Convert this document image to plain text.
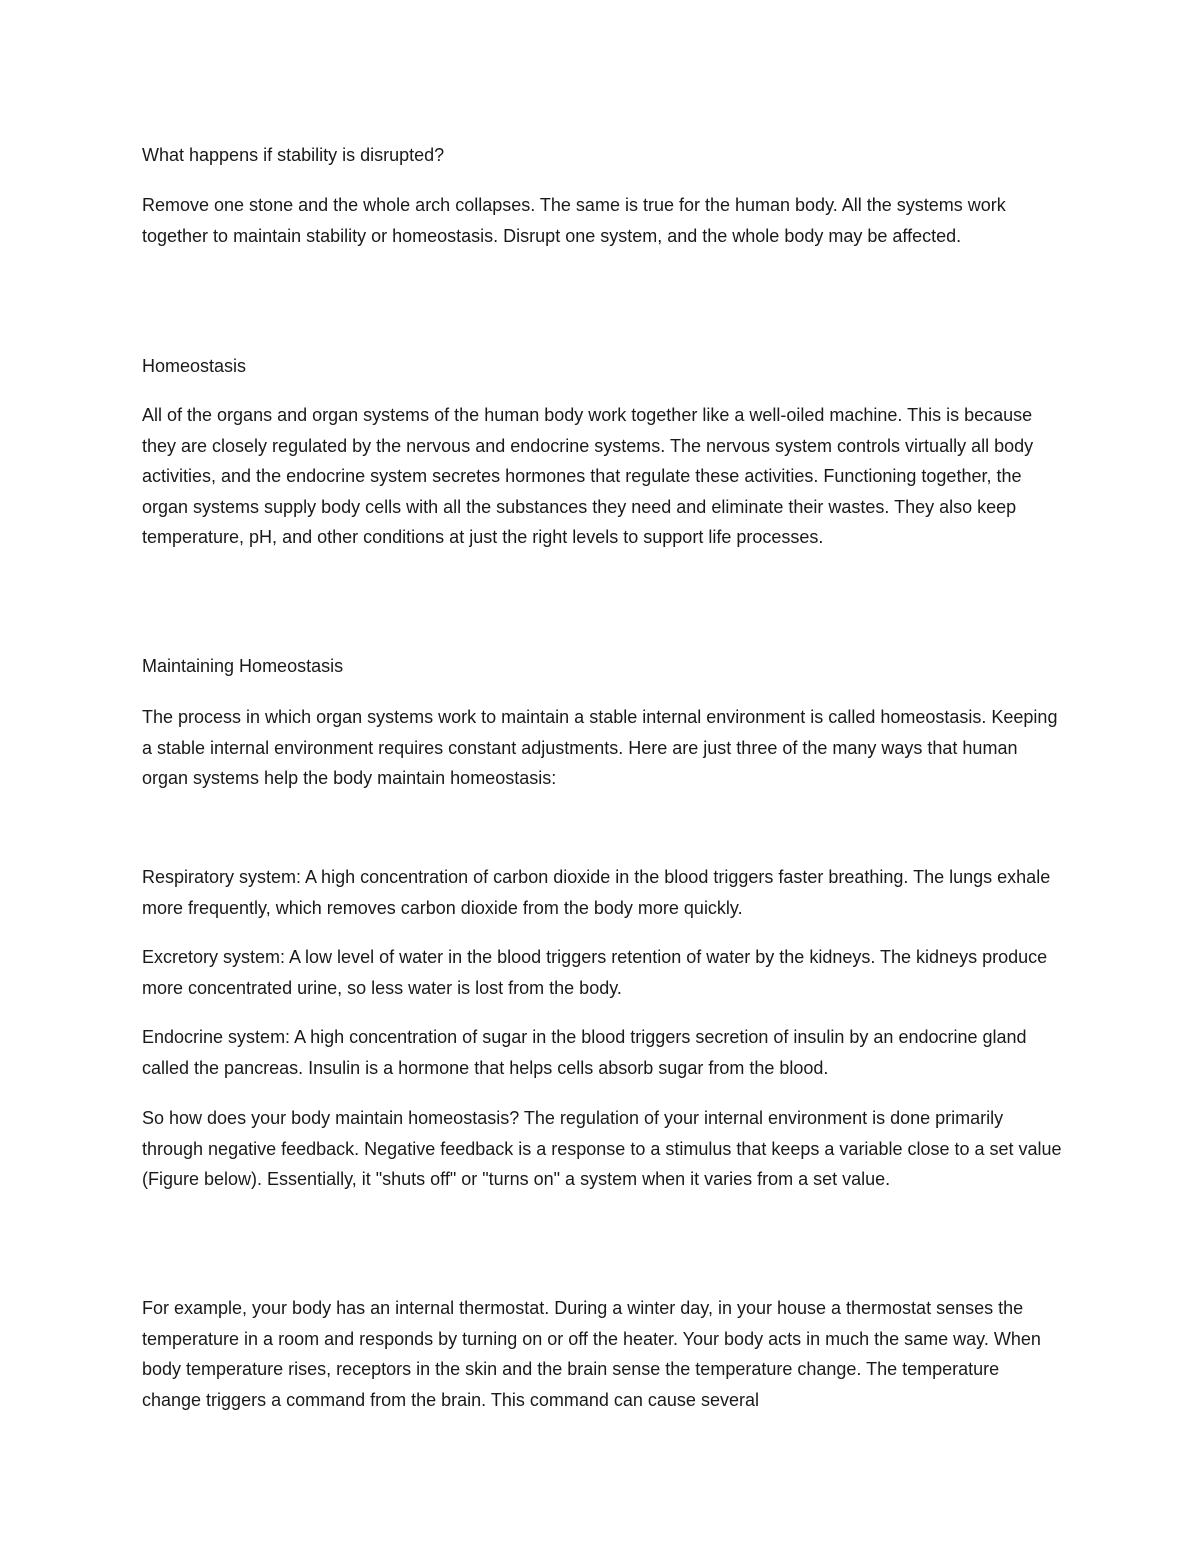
What happens if stability is disrupted?

Remove one stone and the whole arch collapses. The same is true for the human body. All the systems work together to maintain stability or homeostasis. Disrupt one system, and the whole body may be affected.

Homeostasis

All of the organs and organ systems of the human body work together like a well-oiled machine. This is because they are closely regulated by the nervous and endocrine systems. The nervous system controls virtually all body activities, and the endocrine system secretes hormones that regulate these activities. Functioning together, the organ systems supply body cells with all the substances they need and eliminate their wastes. They also keep temperature, pH, and other conditions at just the right levels to support life processes.

Maintaining Homeostasis

The process in which organ systems work to maintain a stable internal environment is called homeostasis. Keeping a stable internal environment requires constant adjustments. Here are just three of the many ways that human organ systems help the body maintain homeostasis:

Respiratory system: A high concentration of carbon dioxide in the blood triggers faster breathing. The lungs exhale more frequently, which removes carbon dioxide from the body more quickly.

Excretory system: A low level of water in the blood triggers retention of water by the kidneys. The kidneys produce more concentrated urine, so less water is lost from the body.

Endocrine system: A high concentration of sugar in the blood triggers secretion of insulin by an endocrine gland called the pancreas. Insulin is a hormone that helps cells absorb sugar from the blood.

So how does your body maintain homeostasis? The regulation of your internal environment is done primarily through negative feedback. Negative feedback is a response to a stimulus that keeps a variable close to a set value (Figure below). Essentially, it "shuts off" or "turns on" a system when it varies from a set value.

For example, your body has an internal thermostat. During a winter day, in your house a thermostat senses the temperature in a room and responds by turning on or off the heater. Your body acts in much the same way. When body temperature rises, receptors in the skin and the brain sense the temperature change. The temperature change triggers a command from the brain. This command can cause several
